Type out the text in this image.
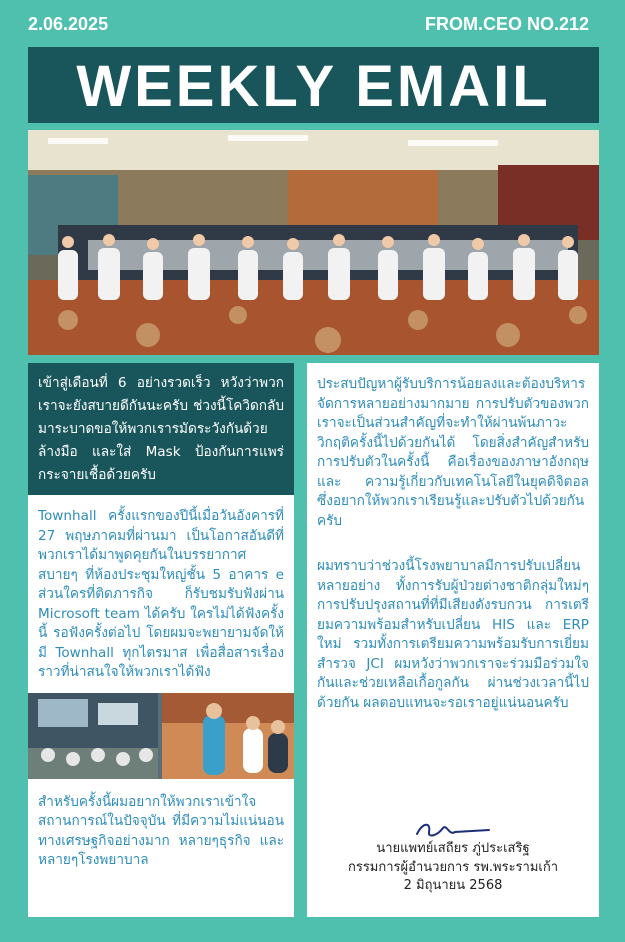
2.06.2025	FROM.CEO NO.212
WEEKLY EMAIL
เข้าสู่เดือนที่ 6 อย่างรวดเร็ว หวังว่าพวกเราจะยังสบายดีกันนะครับ ช่วงนี้โควิดกลับมาระบาดขอให้พวกเรารมัดระวังกันด้วย ล้างมือ และใส่ Mask ป้องกันการแพร่กระจายเชื้อด้วยครับ

Townhall ครั้งแรกของปีนี้เมื่อวันอังคารที่ 27 พฤษภาคมที่ผ่านมา เป็นโอกาสอันดีที่พวกเราได้มาพูดคุยกันในบรรยากาศสบายๆ ที่ห้องประชุมใหญ่ชั้น 5 อาคาร e ส่วนใครที่ติดภารกิจ ก็รับชมรับฟังผ่าน Microsoft team ได้ครับ ใครไม่ได้ฟังครั้งนี้ รอฟังครั้งต่อไป โดยผมจะพยายามจัดให้มี Townhall ทุกไตรมาส เพื่อสื่อสารเรื่องราวที่น่าสนใจให้พวกเราได้ฟัง

สำหรับครั้งนี้ผมอยากให้พวกเราเข้าใจสถานการณ์ในปัจจุบัน ที่มีความไม่แน่นอนทางเศรษฐกิจอย่างมาก หลายๆธุรกิจ และ หลายๆโรงพยาบาล

ประสบปัญหาผู้รับบริการน้อยลงและต้องบริหารจัดการหลายอย่างมากมาย การปรับตัวของพวกเราจะเป็นส่วนสำคัญที่จะทำให้ผ่านพ้นภาวะวิกฤติครั้งนี้ไปด้วยกันได้ โดยสิ่งสำคัญสำหรับการปรับตัวในครั้งนี้ คือเรื่องของภาษาอังกฤษ และ ความรู้เกี่ยวกับเทคโนโลยีในยุคดิจิตอล ซึ่งอยากให้พวกเราเรียนรู้และปรับตัวไปด้วยกันครับ

ผมทราบว่าช่วงนี้โรงพยาบาลมีการปรับเปลี่ยนหลายอย่าง ทั้งการรับผู้ป่วยต่างชาติกลุ่มใหม่ๆ การปรับปรุงสถานที่ที่มีเสียงดังรบกวน การเตรียมความพร้อมสำหรับเปลี่ยน HIS และ ERP ใหม่ รวมทั้งการเตรียมความพร้อมรับการเยี่ยมสำรวจ JCI ผมหวังว่าพวกเราจะร่วมมือร่วมใจกันและช่วยเหลือเกื้อกูลกัน ผ่านช่วงเวลานี้ไปด้วยกัน ผลตอบแทนจะรอเราอยู่แน่นอนครับ

นายแพทย์เสถียร ภู่ประเสริฐ
กรรมการผู้อำนวยการ รพ.พระรามเก้า
2 มิถุนายน 2568
